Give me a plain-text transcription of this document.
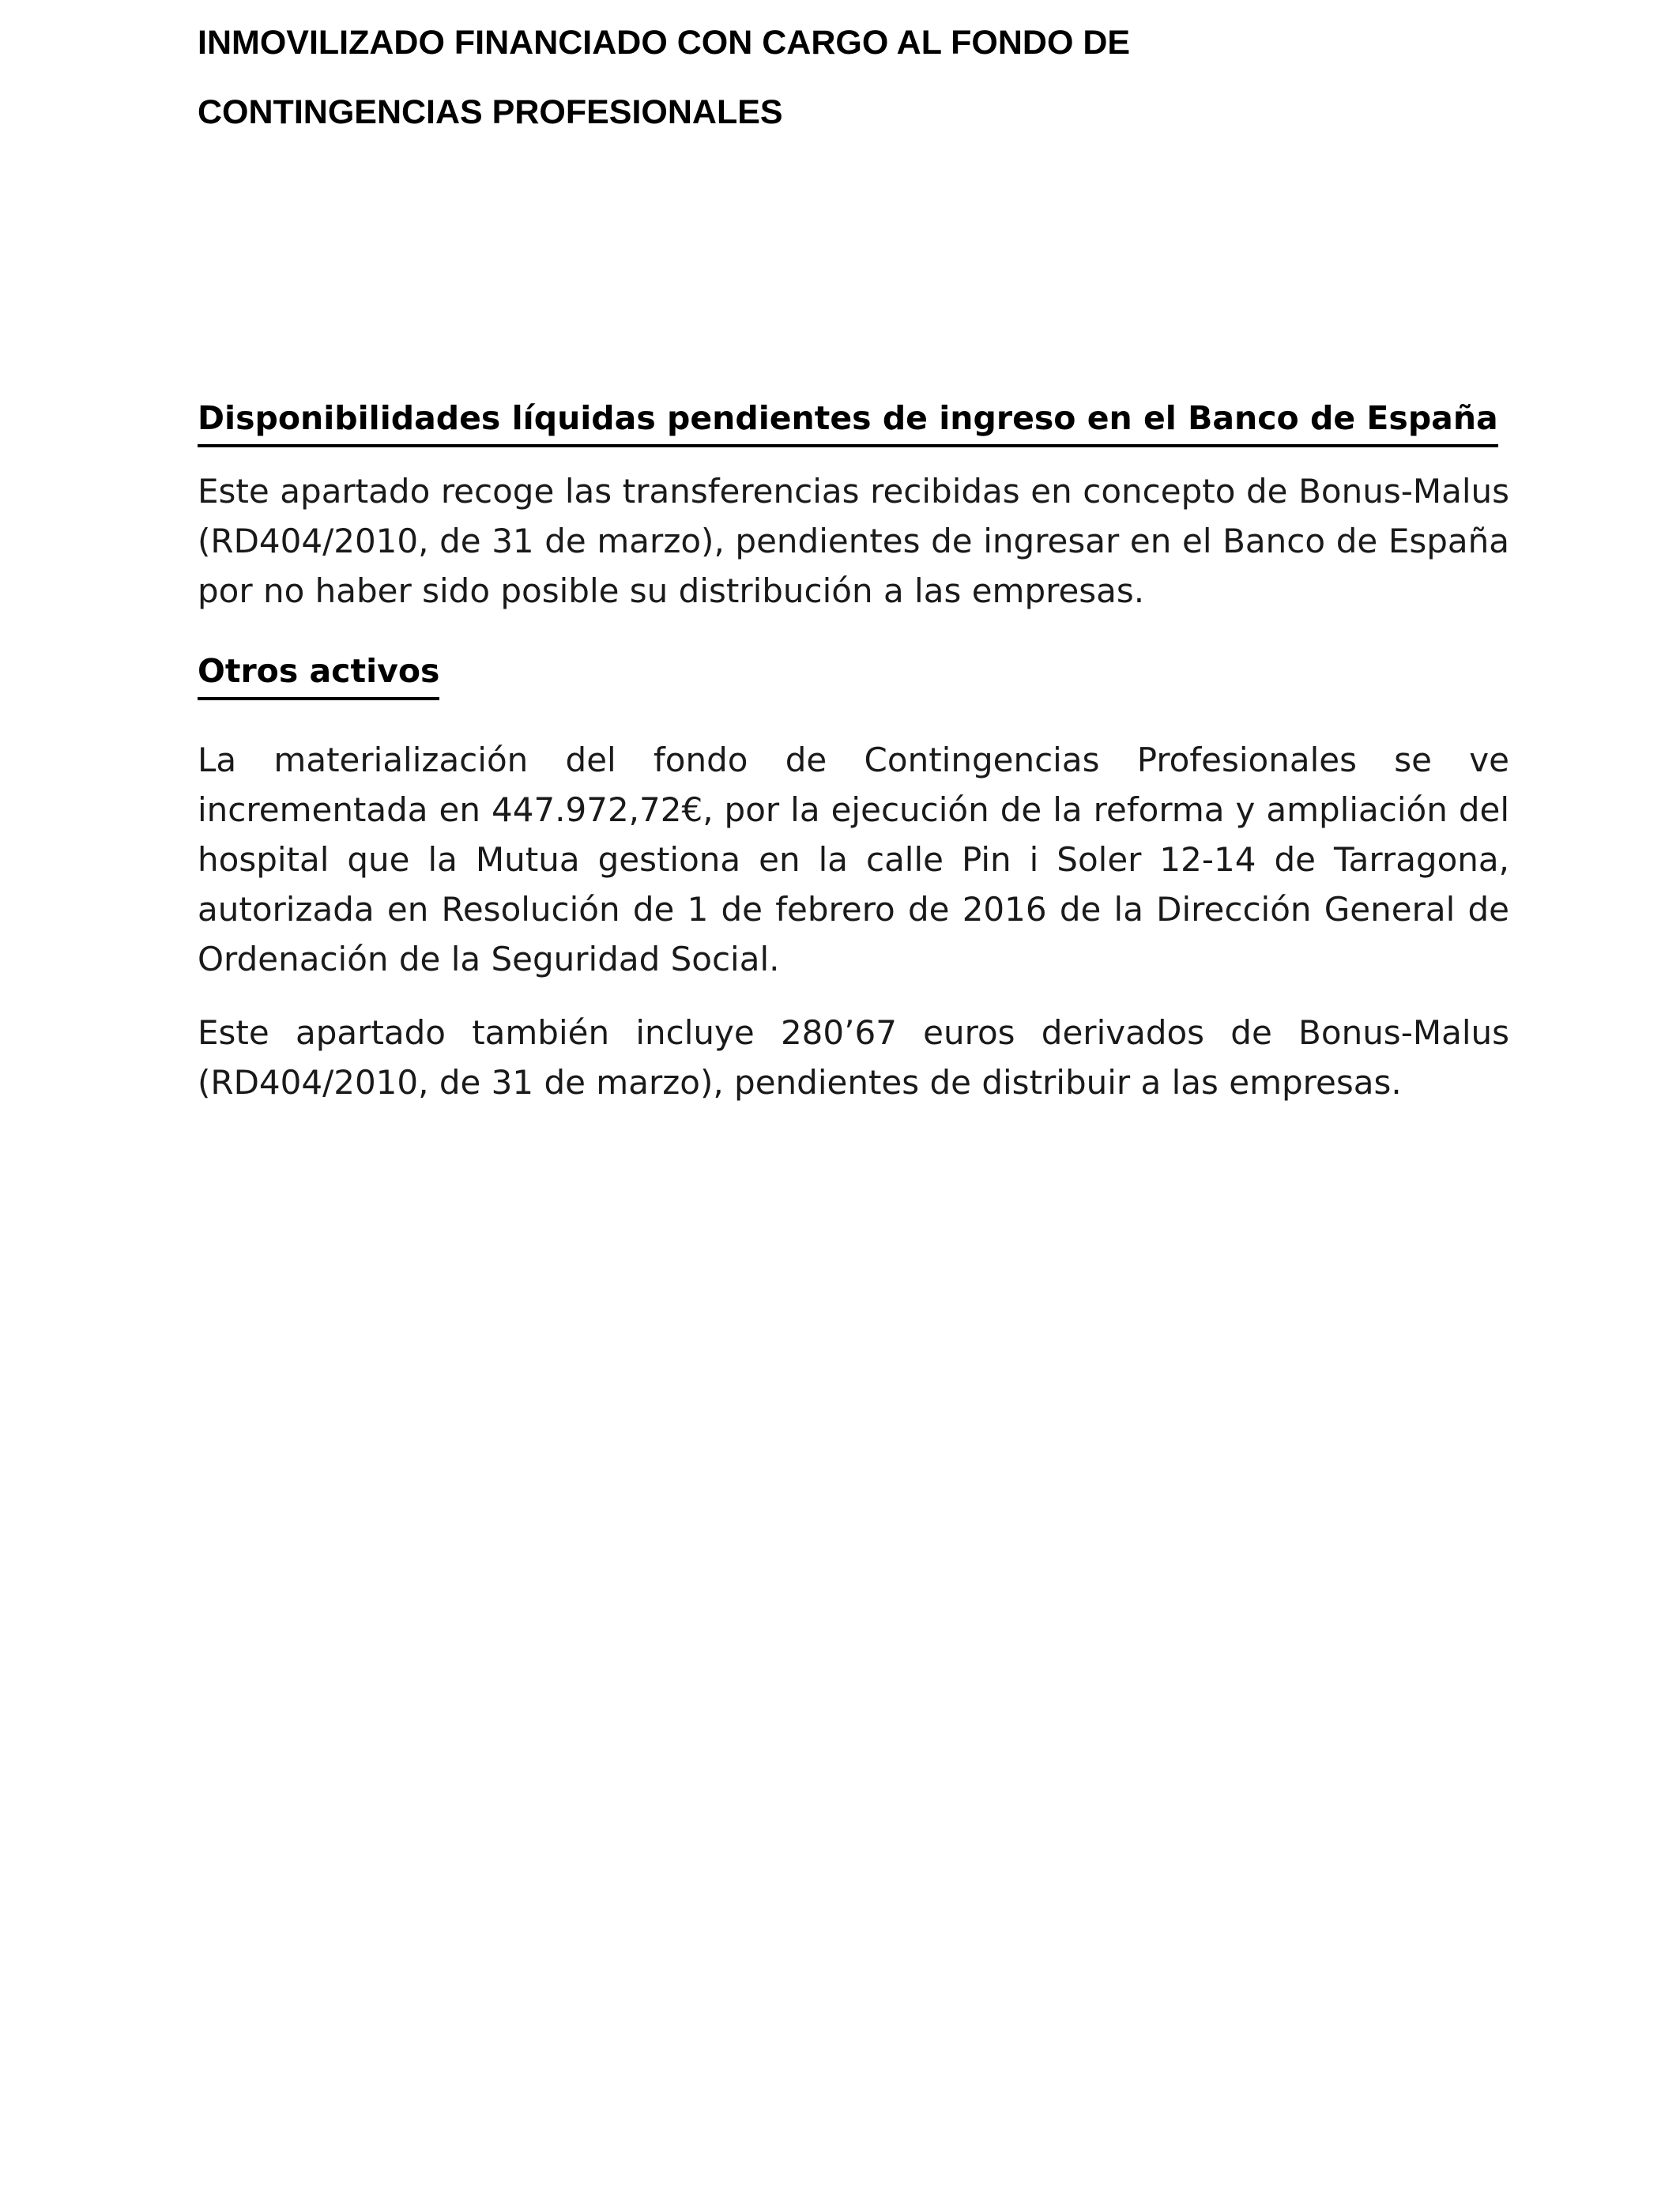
INMOVILIZADO FINANCIADO CON CARGO AL FONDO DE
CONTINGENCIAS PROFESIONALES
Disponibilidades líquidas pendientes de ingreso en el Banco de España

Este apartado recoge las transferencias recibidas en concepto de Bonus-Malus (RD404/2010, de 31 de marzo), pendientes de ingresar en el Banco de España por no haber sido posible su distribución a las empresas.

Otros activos

La materialización del fondo de Contingencias Profesionales se ve incrementada en 447.972,72€, por la ejecución de la reforma y ampliación del hospital que la Mutua gestiona en la calle Pin i Soler 12-14 de Tarragona, autorizada en Resolución de 1 de febrero de 2016 de la Dirección General de Ordenación de la Seguridad Social.

Este apartado también incluye 280’67 euros derivados de Bonus-Malus (RD404/2010, de 31 de marzo), pendientes de distribuir a las empresas.
